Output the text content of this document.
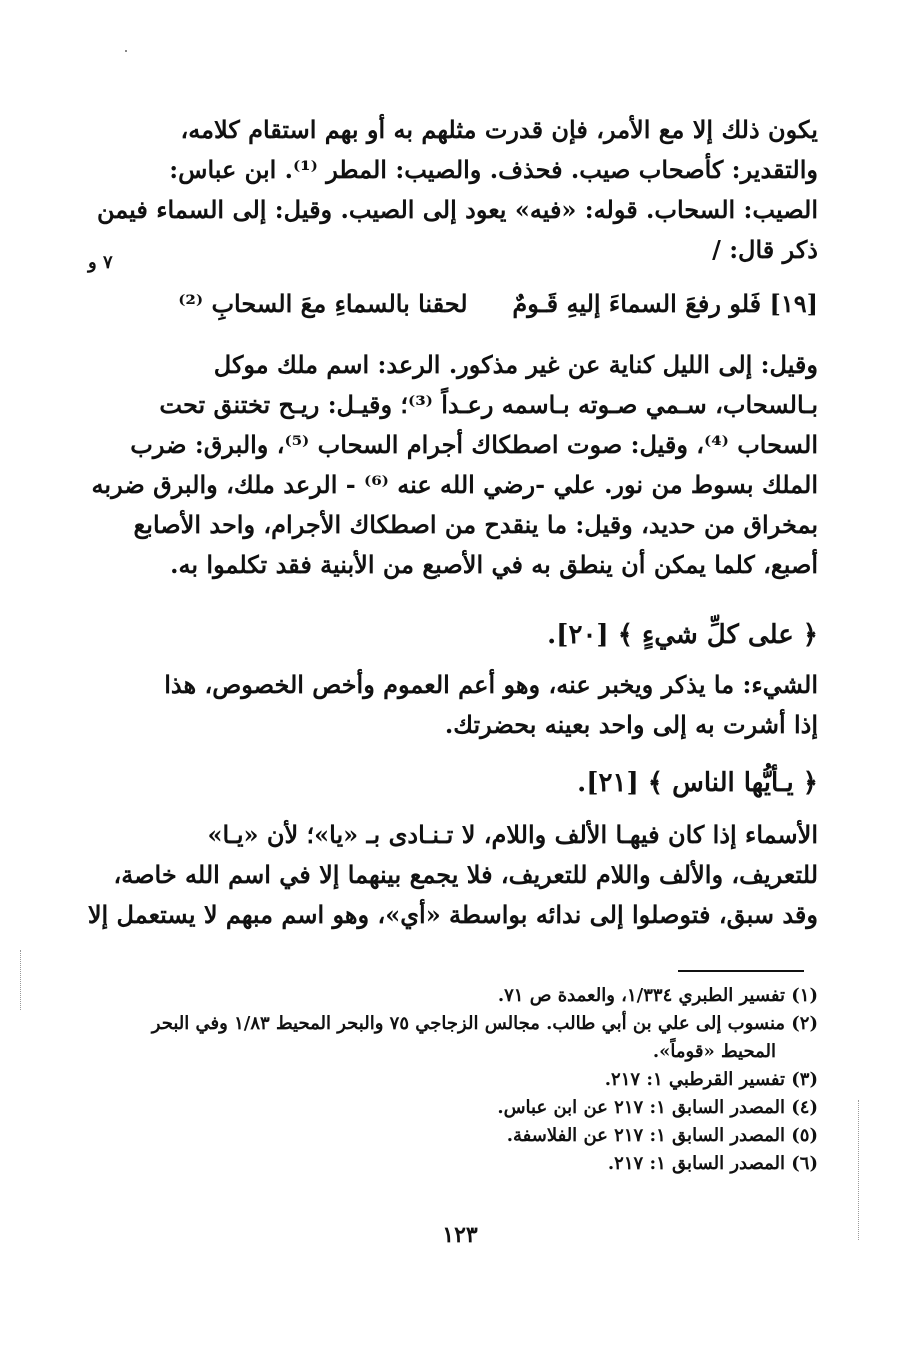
يكون ذلك إلا مع الأمر، فإن قدرت مثلهم به أو بهم استقام كلامه،
والتقدير: كأصحاب صيب. فحذف. والصيب: المطر ⁽¹⁾. ابن عباس:
الصيب: السحاب. قوله: «فيه» يعود إلى الصيب. وقيل: إلى السماء فيمن
ذكر قال: /
٧ و
[١٩] فَلو رفعَ السماءَ إليهِ قَـومٌ  لحقنا بالسماءِ معَ السحابِ ⁽²⁾
وقيل: إلى الليل كناية عن غير مذكور. الرعد: اسم ملك موكل
بـالسحاب، سـمي صـوته بـاسمه رعـداً ⁽³⁾؛ وقيـل: ريـح تختنق تحت
السحاب ⁽⁴⁾، وقيل: صوت اصطكاك أجرام السحاب ⁽⁵⁾، والبرق: ضرب
الملك بسوط من نور. علي -رضي الله عنه ⁽⁶⁾ - الرعد ملك، والبرق ضربه
بمخراق من حديد، وقيل: ما ينقدح من اصطكاك الأجرام، واحد الأصابع
أصبع، كلما يمكن أن ينطق به في الأصبع من الأبنية فقد تكلموا به.
﴿ على كلِّ شيءٍ ﴾ [٢٠].
الشيء: ما يذكر ويخبر عنه، وهو أعم العموم وأخص الخصوص، هذا
إذا أشرت به إلى واحد بعينه بحضرتك.
﴿ يـأيُّها الناس ﴾ [٢١].
الأسماء إذا كان فيهـا الألف واللام، لا تـنـادى بـ «يا»؛ لأن «يـا»
للتعريف، والألف واللام للتعريف، فلا يجمع بينهما إلا في اسم الله خاصة،
وقد سبق، فتوصلوا إلى ندائه بواسطة «أي»، وهو اسم مبهم لا يستعمل إلا
(١) تفسير الطبري ١/٣٣٤، والعمدة ص ٧١.
(٢) منسوب إلى علي بن أبي طالب. مجالس الزجاجي ٧٥ والبحر المحيط ١/٨٣ وفي البحر
المحيط «قوماً».
(٣) تفسير القرطبي ١: ٢١٧.
(٤) المصدر السابق ١: ٢١٧ عن ابن عباس.
(٥) المصدر السابق ١: ٢١٧ عن الفلاسفة.
(٦) المصدر السابق ١: ٢١٧.
١٢٣
